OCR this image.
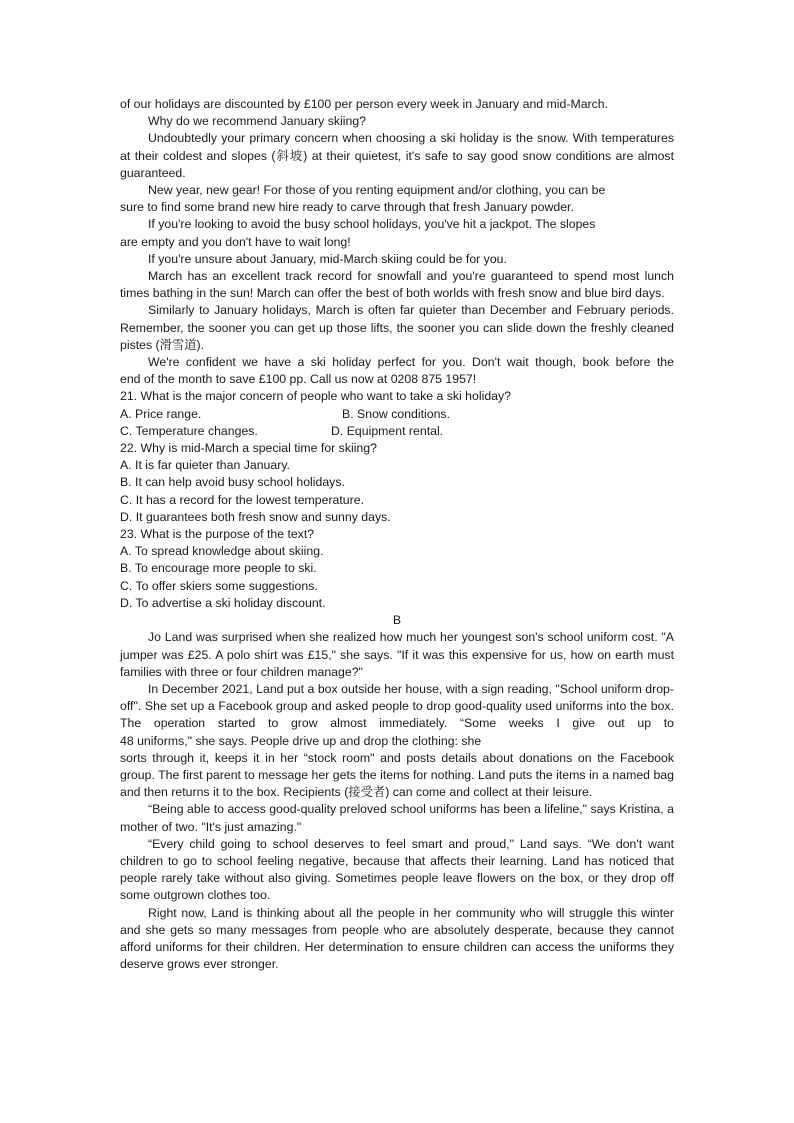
of our holidays are discounted by £100 per person every week in January and mid-March.

Why do we recommend January skiing?

Undoubtedly your primary concern when choosing a ski holiday is the snow. With temperatures at their coldest and slopes (斜坡) at their quietest, it's safe to say good snow conditions are almost guaranteed.

New year, new gear! For those of you renting equipment and/or clothing, you can be

sure to find some brand new hire ready to carve through that fresh January powder.

If you're looking to avoid the busy school holidays, you've hit a jackpot. The slopes

are empty and you don't have to wait long!

If you're unsure about January, mid-March skiing could be for you.

March has an excellent track record for snowfall and you're guaranteed to spend most lunch times bathing in the sun! March can offer the best of both worlds with fresh snow and blue bird days.

Similarly to January holidays, March is often far quieter than December and February periods. Remember, the sooner you can get up those lifts, the sooner you can slide down the freshly cleaned pistes (滑雪道).

We're confident we have a ski holiday perfect for you. Don't wait though, book before the

end of the month to save £100 pp. Call us now at 0208 875 1957!

21. What is the major concern of people who want to take a ski holiday?

A. Price range.	B. Snow conditions.
C. Temperature changes.	D. Equipment rental.

22. Why is mid-March a special time for skiing?

A. It is far quieter than January.

B. It can help avoid busy school holidays.

C. It has a record for the lowest temperature.

D. It guarantees both fresh snow and sunny days.

23. What is the purpose of the text?

A. To spread knowledge about skiing.

B. To encourage more people to ski.

C. To offer skiers some suggestions.

D. To advertise a ski holiday discount.

B

Jo Land was surprised when she realized how much her youngest son's school uniform cost. "A jumper was £25. A polo shirt was £15," she says. "If it was this expensive for us, how on earth must families with three or four children manage?"

In December 2021, Land put a box outside her house, with a sign reading, "School uniform drop-off". She set up a Facebook group and asked people to drop good-quality used uniforms into the box. The operation started to grow almost immediately. “Some weeks I give out up to

48 uniforms," she says. People drive up and drop the clothing: she

sorts through it, keeps it in her “stock room" and posts details about donations on the Facebook group. The first parent to message her gets the items for nothing. Land puts the items in a named bag and then returns it to the box. Recipients (接受者) can come and collect at their leisure.

“Being able to access good-quality preloved school uniforms has been a lifeline," says Kristina, a mother of two. "It's just amazing."

“Every child going to school deserves to feel smart and proud," Land says. “We don't want children to go to school feeling negative, because that affects their learning. Land has noticed that people rarely take without also giving. Sometimes people leave flowers on the box, or they drop off some outgrown clothes too.

Right now, Land is thinking about all the people in her community who will struggle this winter and she gets so many messages from people who are absolutely desperate, because they cannot afford uniforms for their children. Her determination to ensure children can access the uniforms they deserve grows ever stronger.
